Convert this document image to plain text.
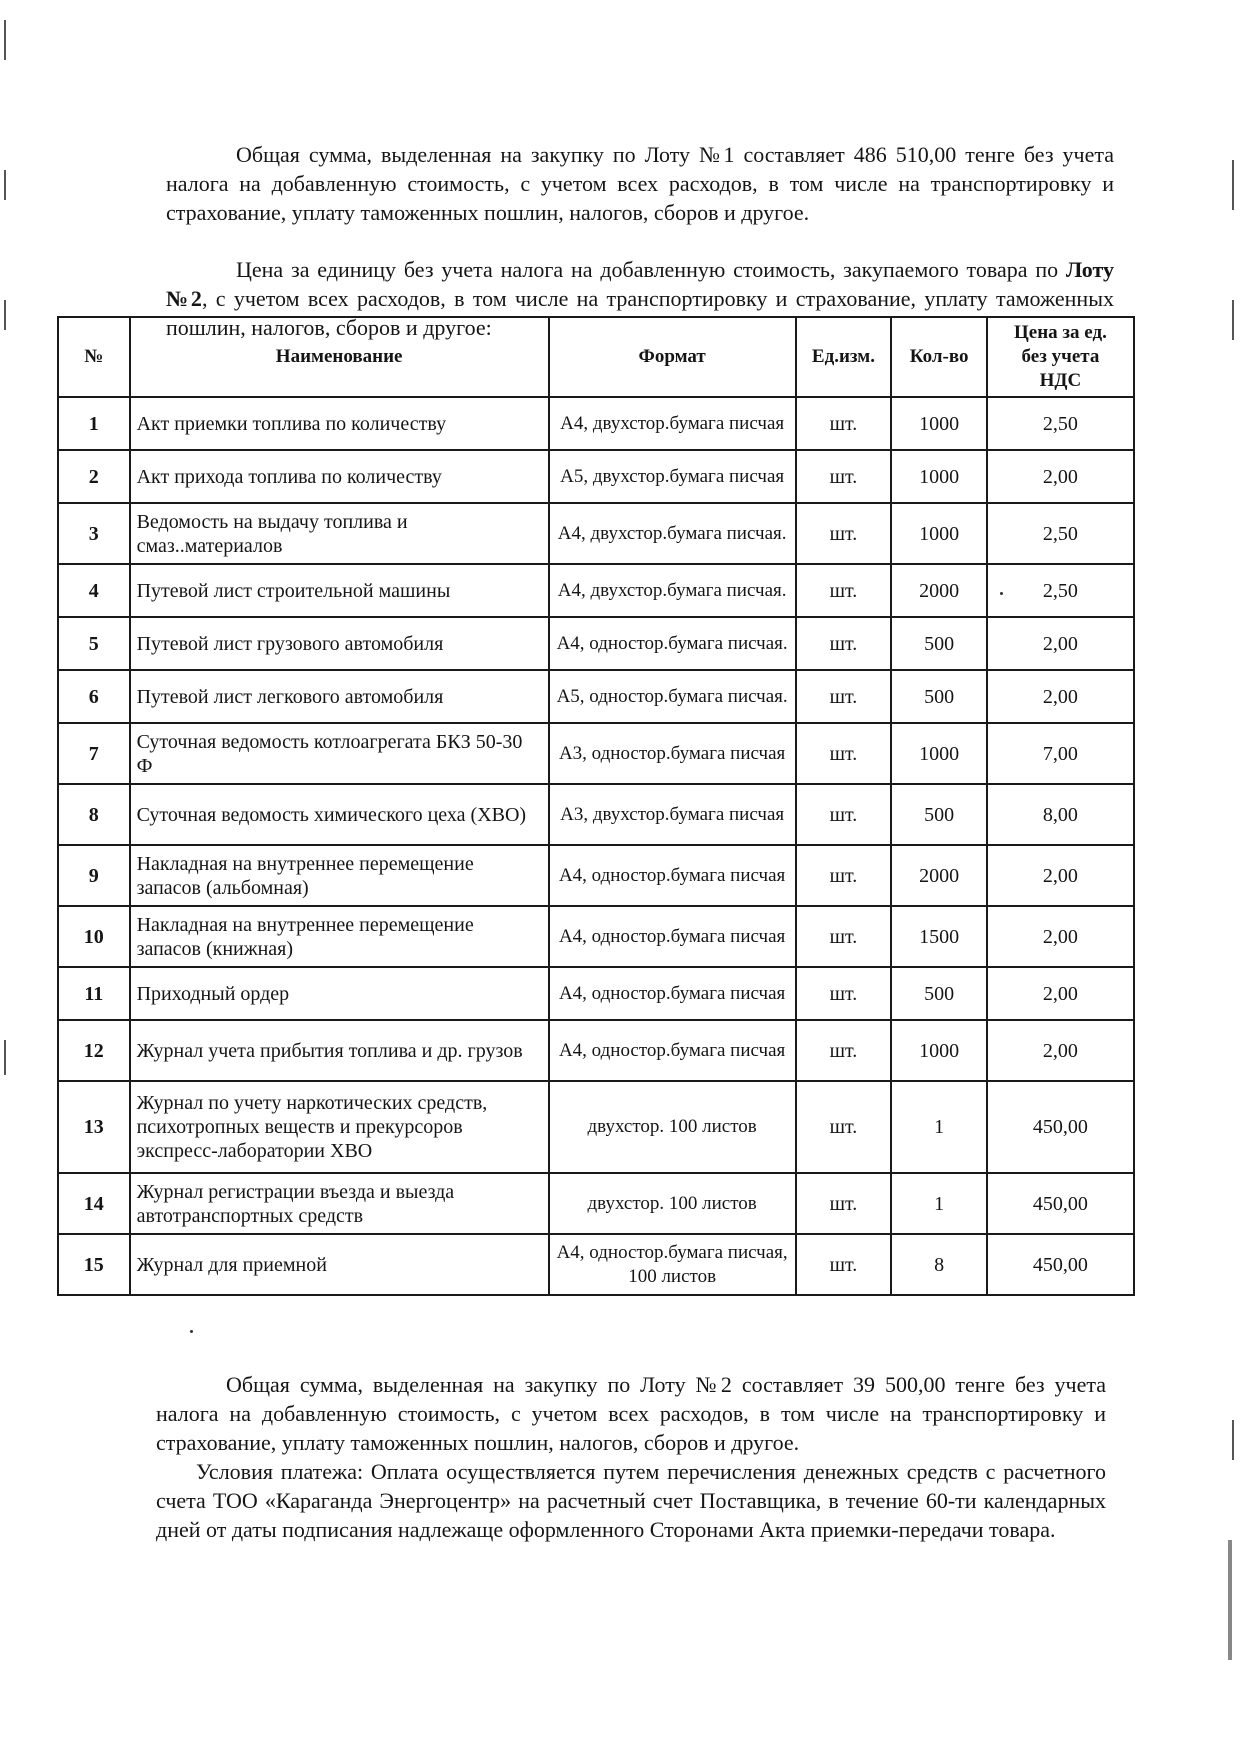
Общая сумма, выделенная на закупку по Лоту №1 составляет 486 510,00 тенге без учета налога на добавленную стоимость, с учетом всех расходов, в том числе на транспортировку и страхование, уплату таможенных пошлин, налогов, сборов и другое.

Цена за единицу без учета налога на добавленную стоимость, закупаемого товара по Лоту №2, с учетом всех расходов, в том числе на транспортировку и страхование, уплату таможенных пошлин, налогов, сборов и другое:

№	Наименование	Формат	Ед.изм.	Кол-во	Цена за ед.
без учета
НДС

1	Акт приемки топлива по количеству	А4, двухстор.бумага писчая	шт.	1000	2,50
2	Акт прихода топлива по количеству	А5, двухстор.бумага писчая	шт.	1000	2,00
3	Ведомость на выдачу топлива и смаз..материалов	А4, двухстор.бумага писчая.	шт.	1000	2,50
4	Путевой лист строительной машины	А4, двухстор.бумага писчая.	шт.	2000	2,50
5	Путевой лист грузового автомобиля	А4, одностор.бумага писчая.	шт.	500	2,00
6	Путевой лист легкового автомобиля	А5, одностор.бумага писчая.	шт.	500	2,00
7	Суточная ведомость котлоагрегата БКЗ 50-30 Ф	А3, одностор.бумага писчая	шт.	1000	7,00
8	Суточная ведомость химического цеха (ХВО)	А3, двухстор.бумага писчая	шт.	500	8,00
9	Накладная на внутреннее перемещение запасов (альбомная)	А4, одностор.бумага писчая	шт.	2000	2,00
10	Накладная на внутреннее перемещение запасов (книжная)	А4, одностор.бумага писчая	шт.	1500	2,00
11	Приходный ордер	А4, одностор.бумага писчая	шт.	500	2,00
12	Журнал учета прибытия топлива и др. грузов	А4, одностор.бумага писчая	шт.	1000	2,00
13	Журнал по учету наркотических средств, психотропных веществ и прекурсоров экспресс-лаборатории ХВО	двухстор. 100 листов	шт.	1	450,00
14	Журнал регистрации въезда и выезда автотранспортных средств	двухстор. 100 листов	шт.	1	450,00
15	Журнал для приемной	А4, одностор.бумага писчая, 100 листов	шт.	8	450,00

Общая сумма, выделенная на закупку по Лоту №2 составляет 39 500,00 тенге без учета налога на добавленную стоимость, с учетом всех расходов, в том числе на транспортировку и страхование, уплату таможенных пошлин, налогов, сборов и другое.

Условия платежа: Оплата осуществляется путем перечисления денежных средств с расчетного счета ТОО «Караганда Энергоцентр» на расчетный счет Поставщика, в течение 60-ти календарных дней от даты подписания надлежаще оформленного Сторонами Акта приемки-передачи товара.
